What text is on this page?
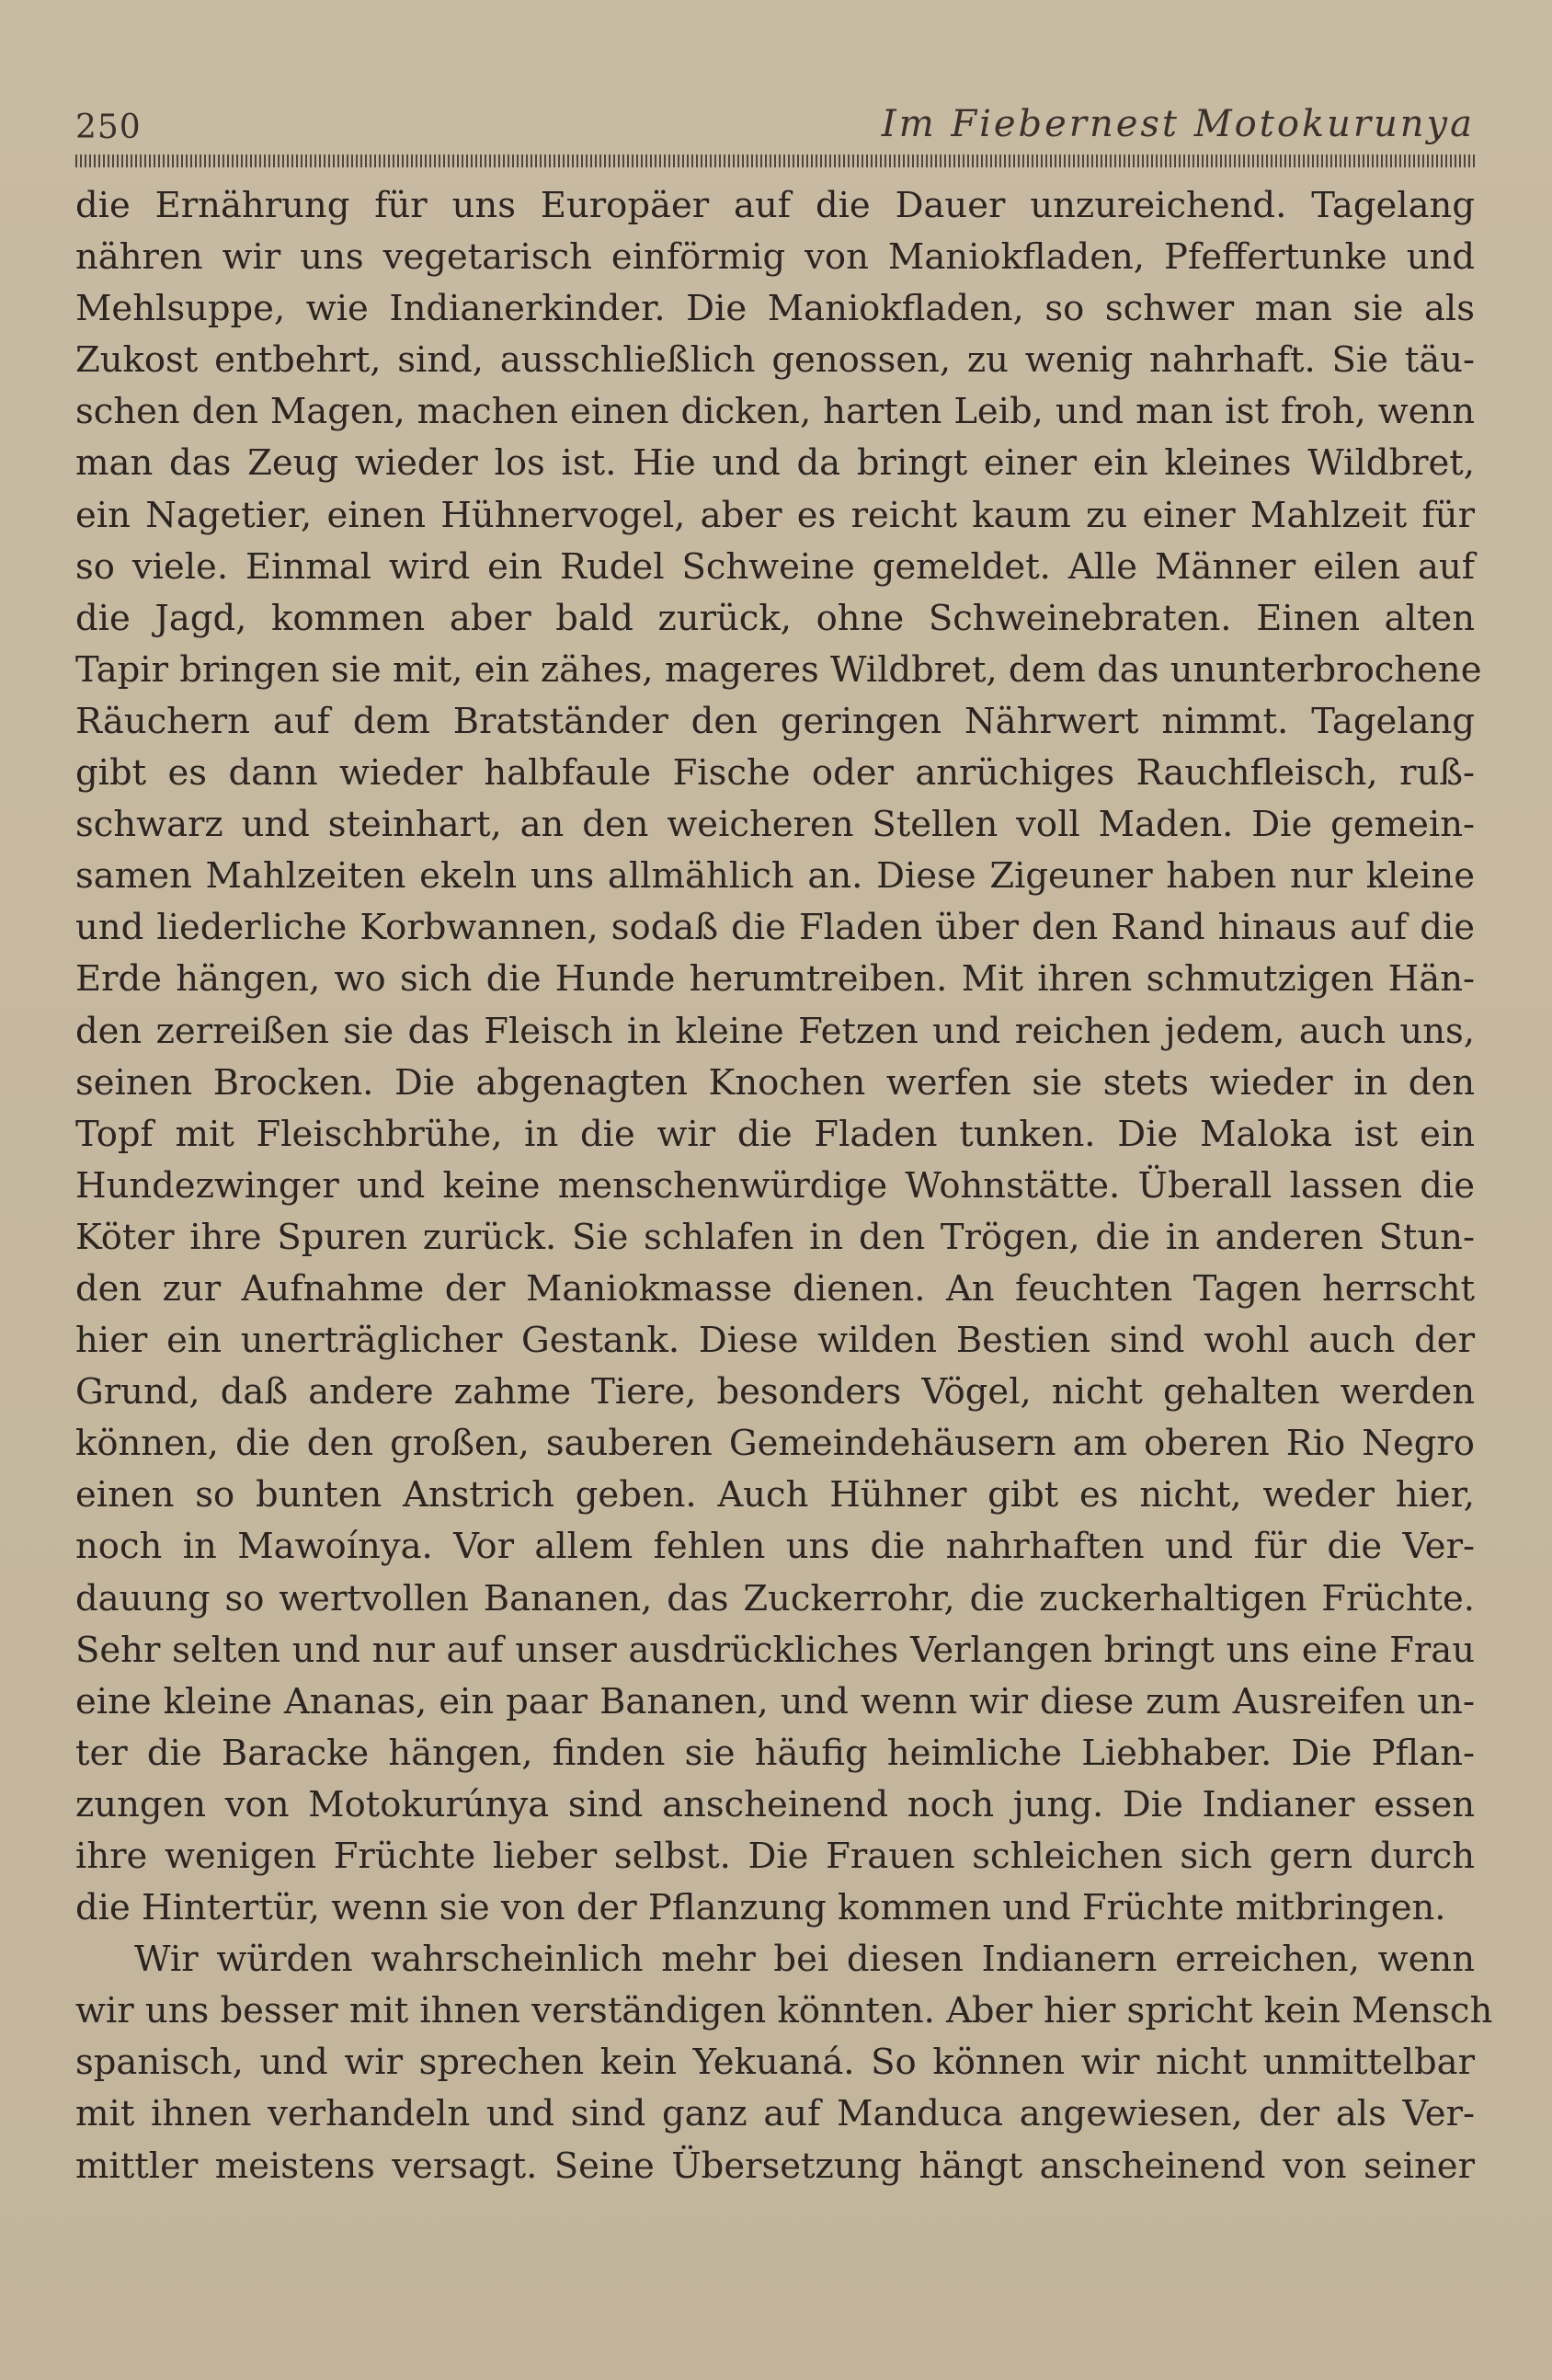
250	Im Fiebernest Motokurunya
die Ernährung für uns Europäer auf die Dauer unzureichend. Tagelang
nähren wir uns vegetarisch einförmig von Maniokfladen, Pfeffertunke und
Mehlsuppe, wie Indianerkinder. Die Maniokfladen, so schwer man sie als
Zukost entbehrt, sind, ausschließlich genossen, zu wenig nahrhaft. Sie täu-
schen den Magen, machen einen dicken, harten Leib, und man ist froh, wenn
man das Zeug wieder los ist. Hie und da bringt einer ein kleines Wildbret,
ein Nagetier, einen Hühnervogel, aber es reicht kaum zu einer Mahlzeit für
so viele. Einmal wird ein Rudel Schweine gemeldet. Alle Männer eilen auf
die Jagd, kommen aber bald zurück, ohne Schweinebraten. Einen alten
Tapir bringen sie mit, ein zähes, mageres Wildbret, dem das ununterbrochene
Räuchern auf dem Bratständer den geringen Nährwert nimmt. Tagelang
gibt es dann wieder halbfaule Fische oder anrüchiges Rauchfleisch, ruß-
schwarz und steinhart, an den weicheren Stellen voll Maden. Die gemein-
samen Mahlzeiten ekeln uns allmählich an. Diese Zigeuner haben nur kleine
und liederliche Korbwannen, sodaß die Fladen über den Rand hinaus auf die
Erde hängen, wo sich die Hunde herumtreiben. Mit ihren schmutzigen Hän-
den zerreißen sie das Fleisch in kleine Fetzen und reichen jedem, auch uns,
seinen Brocken. Die abgenagten Knochen werfen sie stets wieder in den
Topf mit Fleischbrühe, in die wir die Fladen tunken. Die Maloka ist ein
Hundezwinger und keine menschenwürdige Wohnstätte. Überall lassen die
Köter ihre Spuren zurück. Sie schlafen in den Trögen, die in anderen Stun-
den zur Aufnahme der Maniokmasse dienen. An feuchten Tagen herrscht
hier ein unerträglicher Gestank. Diese wilden Bestien sind wohl auch der
Grund, daß andere zahme Tiere, besonders Vögel, nicht gehalten werden
können, die den großen, sauberen Gemeindehäusern am oberen Rio Negro
einen so bunten Anstrich geben. Auch Hühner gibt es nicht, weder hier,
noch in Mawoínya. Vor allem fehlen uns die nahrhaften und für die Ver-
dauung so wertvollen Bananen, das Zuckerrohr, die zuckerhaltigen Früchte.
Sehr selten und nur auf unser ausdrückliches Verlangen bringt uns eine Frau
eine kleine Ananas, ein paar Bananen, und wenn wir diese zum Ausreifen un-
ter die Baracke hängen, finden sie häufig heimliche Liebhaber. Die Pflan-
zungen von Motokurúnya sind anscheinend noch jung. Die Indianer essen
ihre wenigen Früchte lieber selbst. Die Frauen schleichen sich gern durch
die Hintertür, wenn sie von der Pflanzung kommen und Früchte mitbringen.
Wir würden wahrscheinlich mehr bei diesen Indianern erreichen, wenn
wir uns besser mit ihnen verständigen könnten. Aber hier spricht kein Mensch
spanisch, und wir sprechen kein Yekuaná. So können wir nicht unmittelbar
mit ihnen verhandeln und sind ganz auf Manduca angewiesen, der als Ver-
mittler meistens versagt. Seine Übersetzung hängt anscheinend von seiner
